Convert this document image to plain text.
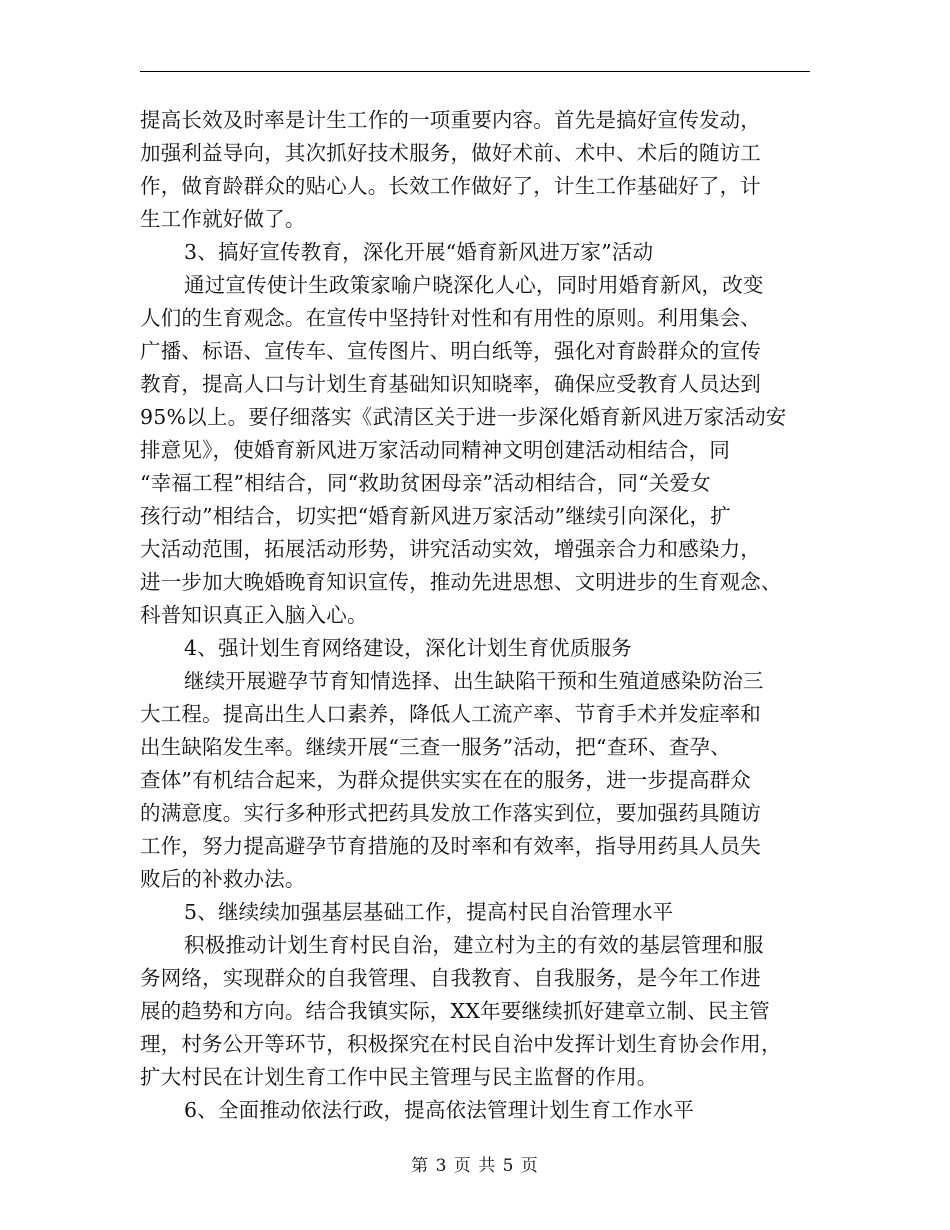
提高长效及时率是计生工作的一项重要内容。首先是搞好宣传发动，
加强利益导向，其次抓好技术服务，做好术前、术中、术后的随访工
作，做育龄群众的贴心人。长效工作做好了，计生工作基础好了，计
生工作就好做了。
3、搞好宣传教育，深化开展“婚育新风进万家”活动
通过宣传使计生政策家喻户晓深化人心，同时用婚育新风，改变
人们的生育观念。在宣传中坚持针对性和有用性的原则。利用集会、
广播、标语、宣传车、宣传图片、明白纸等，强化对育龄群众的宣传
教育，提高人口与计划生育基础知识知晓率，确保应受教育人员达到
95%以上。要仔细落实《武清区关于进一步深化婚育新风进万家活动安
排意见》，使婚育新风进万家活动同精神文明创建活动相结合，同
“幸福工程”相结合，同“救助贫困母亲”活动相结合，同“关爱女
孩行动”相结合，切实把“婚育新风进万家活动”继续引向深化，扩
大活动范围，拓展活动形势，讲究活动实效，增强亲合力和感染力，
进一步加大晚婚晚育知识宣传，推动先进思想、文明进步的生育观念、
科普知识真正入脑入心。
4、强计划生育网络建设，深化计划生育优质服务
继续开展避孕节育知情选择、出生缺陷干预和生殖道感染防治三
大工程。提高出生人口素养，降低人工流产率、节育手术并发症率和
出生缺陷发生率。继续开展“三查一服务”活动，把“查环、查孕、
查体”有机结合起来，为群众提供实实在在的服务，进一步提高群众
的满意度。实行多种形式把药具发放工作落实到位，要加强药具随访
工作，努力提高避孕节育措施的及时率和有效率，指导用药具人员失
败后的补救办法。
5、继续续加强基层基础工作，提高村民自治管理水平
积极推动计划生育村民自治，建立村为主的有效的基层管理和服
务网络，实现群众的自我管理、自我教育、自我服务，是今年工作进
展的趋势和方向。结合我镇实际，XX年要继续抓好建章立制、民主管
理，村务公开等环节，积极探究在村民自治中发挥计划生育协会作用，
扩大村民在计划生育工作中民主管理与民主监督的作用。
6、全面推动依法行政，提高依法管理计划生育工作水平
第 3 页 共 5 页
